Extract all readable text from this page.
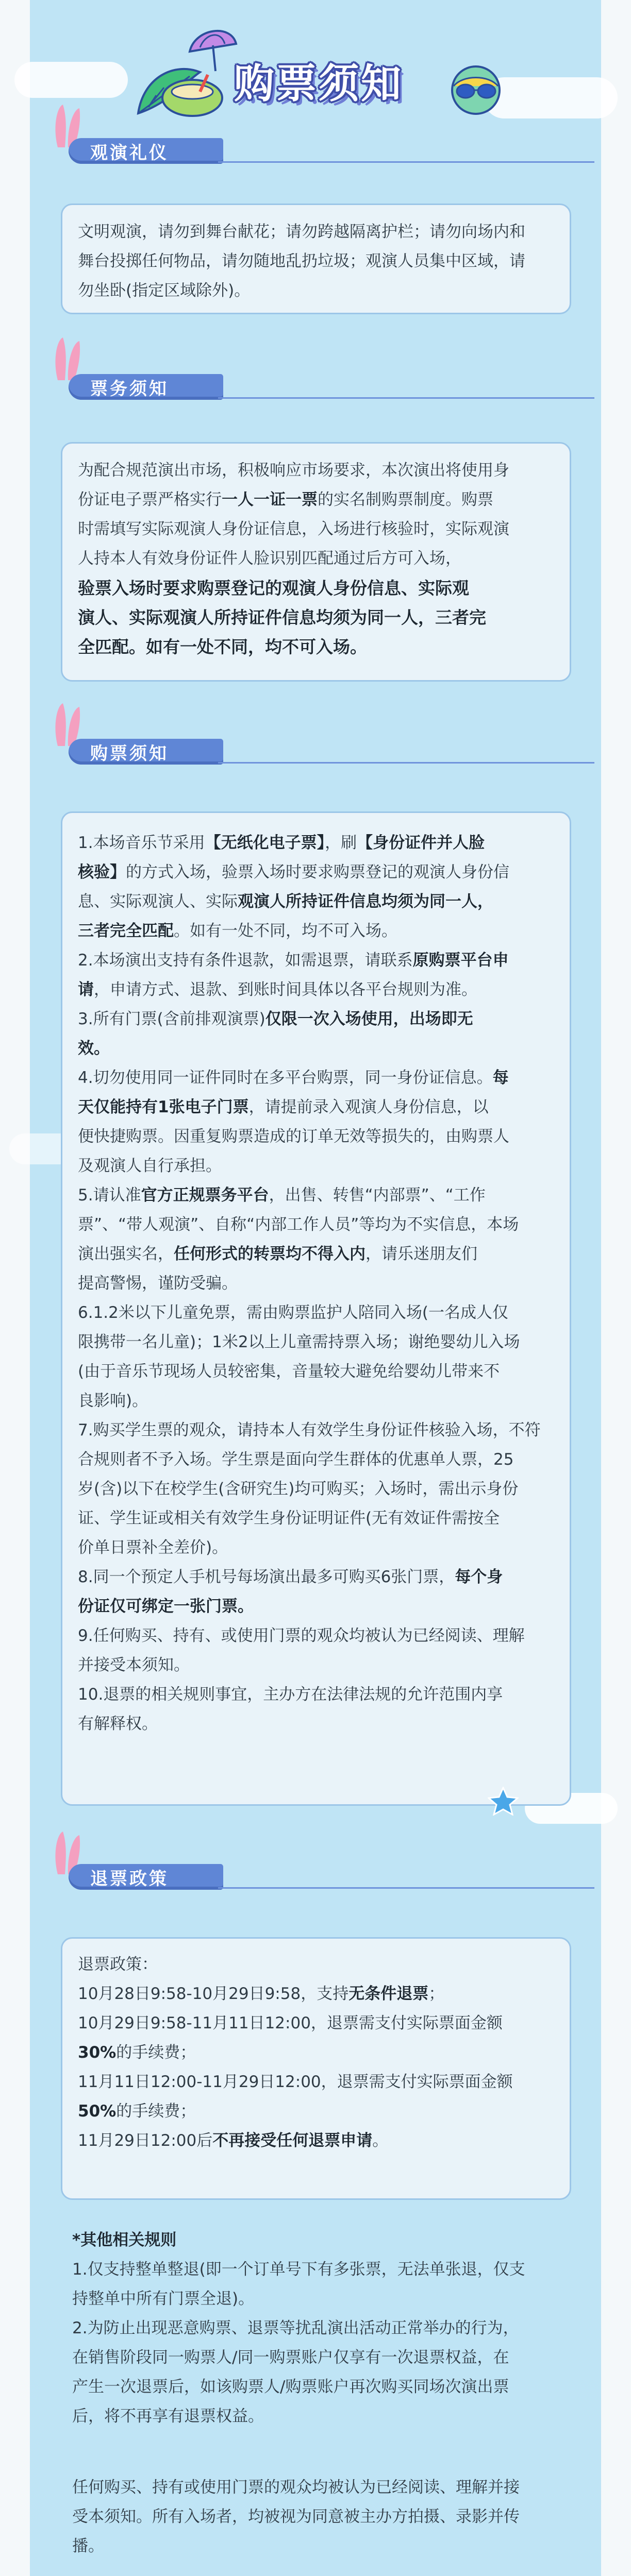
购票须知
观演礼仪

文明观演，请勿到舞台献花；请勿跨越隔离护栏；请勿向场内和

舞台投掷任何物品，请勿随地乱扔垃圾；观演人员集中区域，请

勿坐卧(指定区域除外)。

票务须知

为配合规范演出市场，积极响应市场要求，本次演出将使用身

份证电子票严格实行一人一证一票的实名制购票制度。购票

时需填写实际观演人身份证信息，入场进行核验时，实际观演

人持本人有效身份证件人脸识别匹配通过后方可入场，

验票入场时要求购票登记的观演人身份信息、实际观

演人、实际观演人所持证件信息均须为同一人，三者完

全匹配。如有一处不同，均不可入场。

购票须知

1.本场音乐节采用【无纸化电子票】，刷【身份证件并人脸

核验】的方式入场，验票入场时要求购票登记的观演人身份信

息、实际观演人、实际观演人所持证件信息均须为同一人，

三者完全匹配。如有一处不同，均不可入场。

2.本场演出支持有条件退款，如需退票，请联系原购票平台申

请，申请方式、退款、到账时间具体以各平台规则为准。

3.所有门票(含前排观演票)仅限一次入场使用，出场即无

效。

4.切勿使用同一证件同时在多平台购票，同一身份证信息。每

天仅能持有1张电子门票，请提前录入观演人身份信息，以

便快捷购票。因重复购票造成的订单无效等损失的，由购票人

及观演人自行承担。

5.请认准官方正规票务平台，出售、转售“内部票”、“工作

票”、“带人观演”、自称“内部工作人员”等均为不实信息，本场

演出强实名，任何形式的转票均不得入内，请乐迷朋友们

提高警惕，谨防受骗。

6.1.2米以下儿童免票，需由购票监护人陪同入场(一名成人仅

限携带一名儿童)；1米2以上儿童需持票入场；谢绝婴幼儿入场

(由于音乐节现场人员较密集，音量较大避免给婴幼儿带来不

良影响)。

7.购买学生票的观众，请持本人有效学生身份证件核验入场，不符

合规则者不予入场。学生票是面向学生群体的优惠单人票，25

岁(含)以下在校学生(含研究生)均可购买；入场时，需出示身份

证、学生证或相关有效学生身份证明证件(无有效证件需按全

价单日票补全差价)。

8.同一个预定人手机号每场演出最多可购买6张门票，每个身

份证仅可绑定一张门票。

9.任何购买、持有、或使用门票的观众均被认为已经阅读、理解

并接受本须知。

10.退票的相关规则事宜，主办方在法律法规的允许范围内享

有解释权。

退票政策

退票政策：

10月28日9:58-10月29日9:58，支持无条件退票；

10月29日9:58-11月11日12:00，退票需支付实际票面金额

30%的手续费；

11月11日12:00-11月29日12:00，退票需支付实际票面金额

50%的手续费；

11月29日12:00后不再接受任何退票申请。

*其他相关规则

1.仅支持整单整退(即一个订单号下有多张票，无法单张退，仅支

持整单中所有门票全退)。

2.为防止出现恶意购票、退票等扰乱演出活动正常举办的行为，

在销售阶段同一购票人/同一购票账户仅享有一次退票权益，在

产生一次退票后，如该购票人/购票账户再次购买同场次演出票

后，将不再享有退票权益。

任何购买、持有或使用门票的观众均被认为已经阅读、理解并接

受本须知。所有入场者，均被视为同意被主办方拍摄、录影并传

播。
